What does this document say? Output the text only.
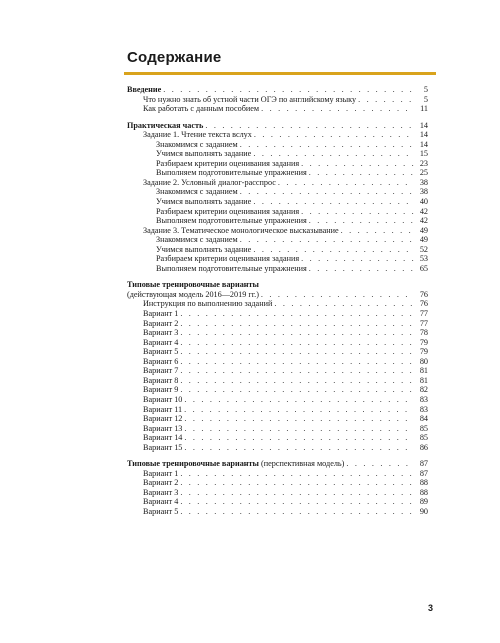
Содержание
Введение . . .	5
Что нужно знать об устной части ОГЭ по английскому языку . . .	5
Как работать с данным пособием . . .	11
Практическая часть . . .	14
Задание 1. Чтение текста вслух . . .	14
Знакомимся с заданием . . .	14
Учимся выполнять задание . . .	15
Разбираем критерии оценивания задания . . .	23
Выполняем подготовительные упражнения . . .	25
Задание 2. Условный диалог-расспрос . . .	38
Знакомимся с заданием . . .	38
Учимся выполнять задание . . .	40
Разбираем критерии оценивания задания . . .	42
Выполняем подготовительные упражнения . . .	42
Задание 3. Тематическое монологическое высказывание . . .	49
Знакомимся с заданием . . .	49
Учимся выполнять задание . . .	52
Разбираем критерии оценивания задания . . .	53
Выполняем подготовительные упражнения . . .	65
Типовые тренировочные варианты
(действующая модель 2016—2019 гг.) . . .	76
Инструкция по выполнению заданий . . .	76
Вариант 1 . . .	77
Вариант 2 . . .	77
Вариант 3 . . .	78
Вариант 4 . . .	79
Вариант 5 . . .	79
Вариант 6 . . .	80
Вариант 7 . . .	81
Вариант 8 . . .	81
Вариант 9 . . .	82
Вариант 10 . . .	83
Вариант 11 . . .	83
Вариант 12 . . .	84
Вариант 13 . . .	85
Вариант 14 . . .	85
Вариант 15 . . .	86
Типовые тренировочные варианты (перспективная модель) . . .	87
Вариант 1 . . .	87
Вариант 2 . . .	88
Вариант 3 . . .	88
Вариант 4 . . .	89
Вариант 5 . . .	90
3
